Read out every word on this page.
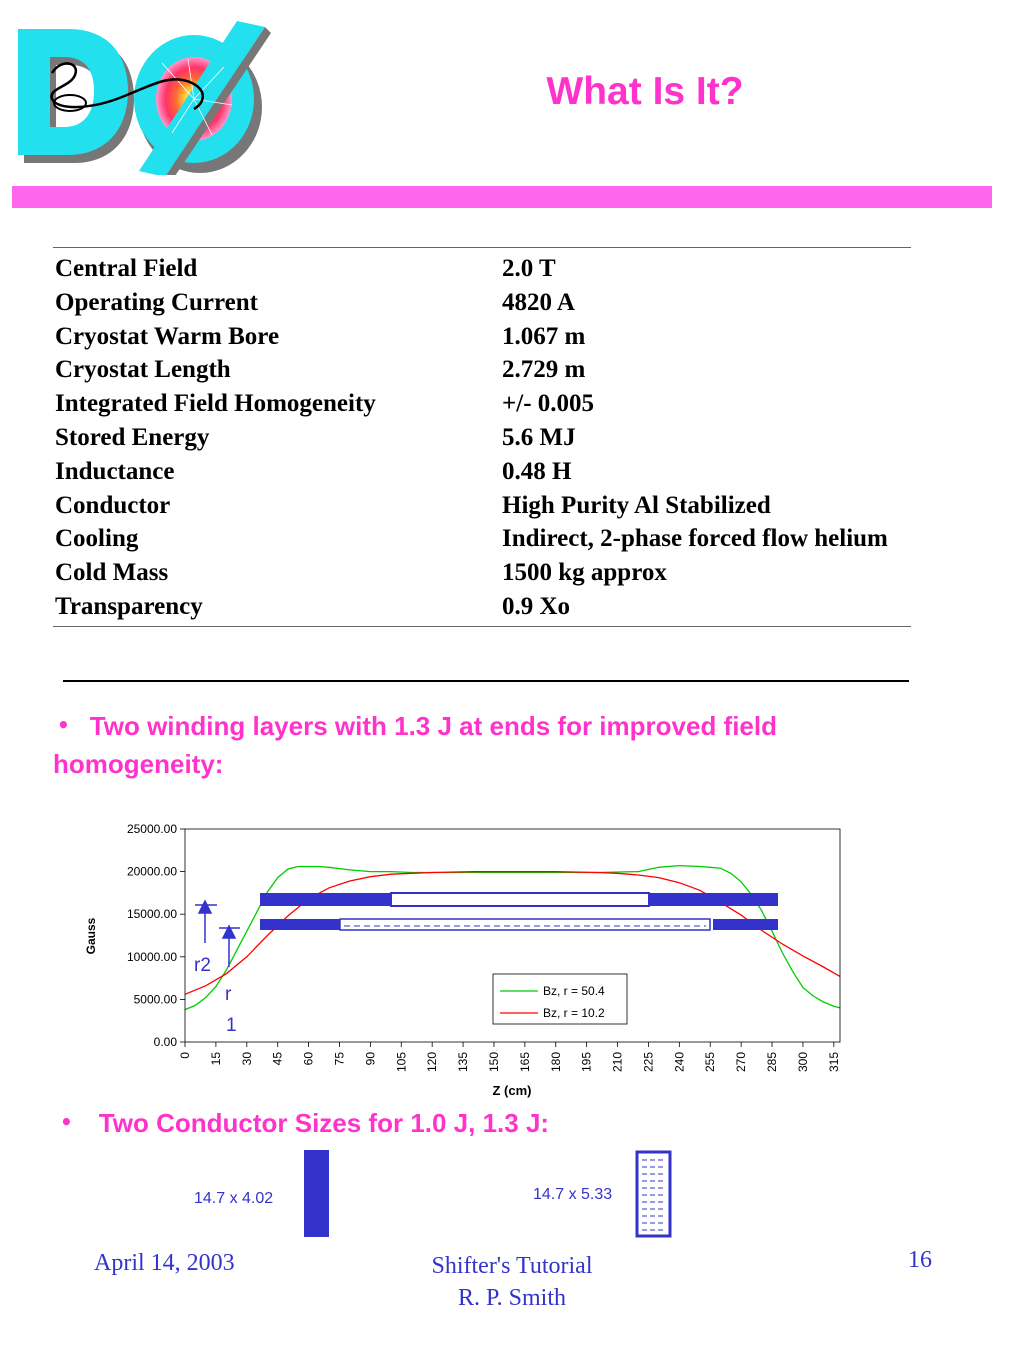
What Is It?
Central Field	2.0 T
Operating Current	4820 A
Cryostat Warm Bore	1.067 m
Cryostat Length	2.729 m
Integrated Field Homogeneity	+/- 0.005
Stored Energy	5.6 MJ
Inductance	0.48 H
Conductor	High Purity Al Stabilized
Cooling	Indirect, 2-phase forced flow helium
Cold Mass	1500 kg approx
Transparency	0.9 Xo
• Two winding layers with 1.3 J at ends for improved field homogeneity:
0.00
5000.00
10000.00
15000.00
20000.00
25000.00
0 15 30 45 60 75 90 105 120 135 150 165 180 195 210 225 240 255 270 285 300 315
r2
r
1
Bz, r = 50.4
Bz, r = 10.2
Z (cm)
Gauss
• Two Conductor Sizes for 1.0 J, 1.3 J:
14.7 x 4.02	14.7 x 5.33
April 14, 2003	Shifter's Tutorial
R. P. Smith
16
